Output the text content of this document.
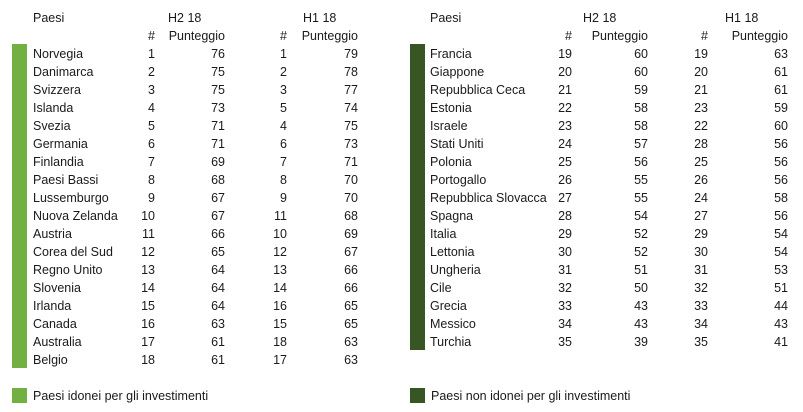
Paesi	H2 18	H1 18
#	Punteggio	#	Punteggio
Paesi	H2 18	H1 18
#	Punteggio	#	Punteggio
Norvegia	1	76	1	79
Danimarca	2	75	2	78
Svizzera	3	75	3	77
Islanda	4	73	5	74
Svezia	5	71	4	75
Germania	6	71	6	73
Finlandia	7	69	7	71
Paesi Bassi	8	68	8	70
Lussemburgo	9	67	9	70
Nuova Zelanda	10	67	11	68
Austria	11	66	10	69
Corea del Sud	12	65	12	67
Regno Unito	13	64	13	66
Slovenia	14	64	14	66
Irlanda	15	64	16	65
Canada	16	63	15	65
Australia	17	61	18	63
Belgio	18	61	17	63
Francia	19	60	19	63
Giappone	20	60	20	61
Repubblica Ceca	21	59	21	61
Estonia	22	58	23	59
Israele	23	58	22	60
Stati Uniti	24	57	28	56
Polonia	25	56	25	56
Portogallo	26	55	26	56
Repubblica Slovacca 27	55	24	58
Spagna	28	54	27	56
Italia	29	52	29	54
Lettonia	30	52	30	54
Ungheria	31	51	31	53
Cile	32	50	32	51
Grecia	33	43	33	44
Messico	34	43	34	43
Turchia	35	39	35	41
Paesi idonei per gli investimenti	Paesi non idonei per gli investimenti
